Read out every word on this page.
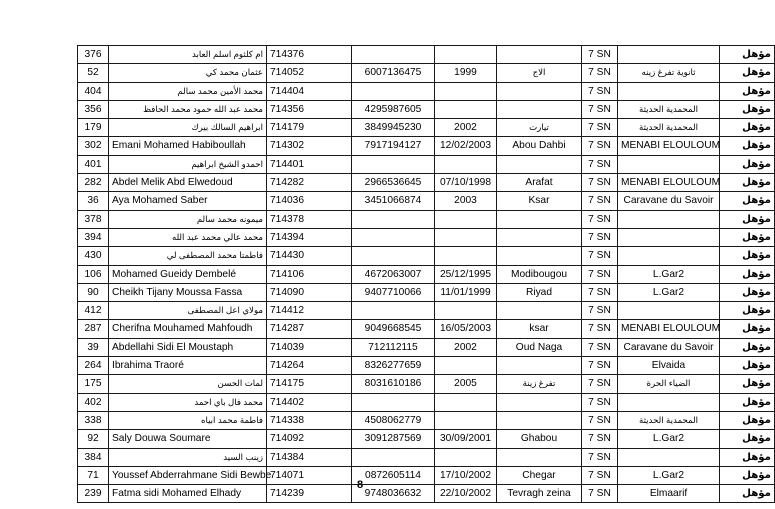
376	ام كلثوم اسلم العابد	714376				7 SN		مؤهل
52	عثمان محمد كي	714052	6007136475	1999	الاج	7 SN	ثانوية تفرغ زينه	مؤهل
404	محمد الأمين محمد سالم	714404				7 SN		مؤهل
356	محمد عبد الله حمود محمد الحافظ	714356	4295987605			7 SN	المحمدية الحديثة	مؤهل
179	ابراهيم السالك بيرك	714179	3849945230	2002	تيارت	7 SN	المحمدية الحديثة	مؤهل
302	Emani Mohamed Habiboullah	714302	7917194127	12/02/2003	Abou Dahbi	7 SN	MENABI ELOULOUM	مؤهل
401	احمدو الشيخ ابراهيم	714401				7 SN		مؤهل
282	Abdel Melik Abd Elwedoud	714282	2966536645	07/10/1998	Arafat	7 SN	MENABI ELOULOUM	مؤهل
36	Aya Mohamed Saber	714036	3451066874	2003	Ksar	7 SN	Caravane du Savoir	مؤهل
378	ميمونه محمد سالم	714378				7 SN		مؤهل
394	محمد عالي محمد عبد الله	714394				7 SN		مؤهل
430	فاطمتا محمد المصطفى لي	714430				7 SN		مؤهل
106	Mohamed Gueidy Dembelé	714106	4672063007	25/12/1995	Modibougou	7 SN	L.Gar2	مؤهل
90	Cheikh Tijany Moussa Fassa	714090	9407710066	11/01/1999	Riyad	7 SN	L.Gar2	مؤهل
412	مولاي اعل المصطفى	714412				7 SN		مؤهل
287	Cherifna Mouhamed Mahfoudh	714287	9049668545	16/05/2003	ksar	7 SN	MENABI ELOULOUM	مؤهل
39	Abdellahi Sidi El Moustaph	714039	712112115	2002	Oud Naga	7 SN	Caravane du Savoir	مؤهل
264	Ibrahima Traoré	714264	8326277659			7 SN	Elvaida	مؤهل
175	لمات الحسن	714175	8031610186	2005	تفرغ زينة	7 SN	الضياء الحرة	مؤهل
402	محمد فال باي احمد	714402				7 SN		مؤهل
338	فاطمة محمد ابياه	714338	4508062779			7 SN	المحمدية الحديثة	مؤهل
92	Saly Douwa Soumare	714092	3091287569	30/09/2001	Ghabou	7 SN	L.Gar2	مؤهل
384	زينب السيد	714384				7 SN		مؤهل
71	Youssef Abderrahmane Sidi Bewbe	714071	0872605114	17/10/2002	Chegar	7 SN	L.Gar2	مؤهل
239	Fatma sidi Mohamed Elhady	714239	9748036632	22/10/2002	Tevragh zeina	7 SN	Elmaarif	مؤهل
8
